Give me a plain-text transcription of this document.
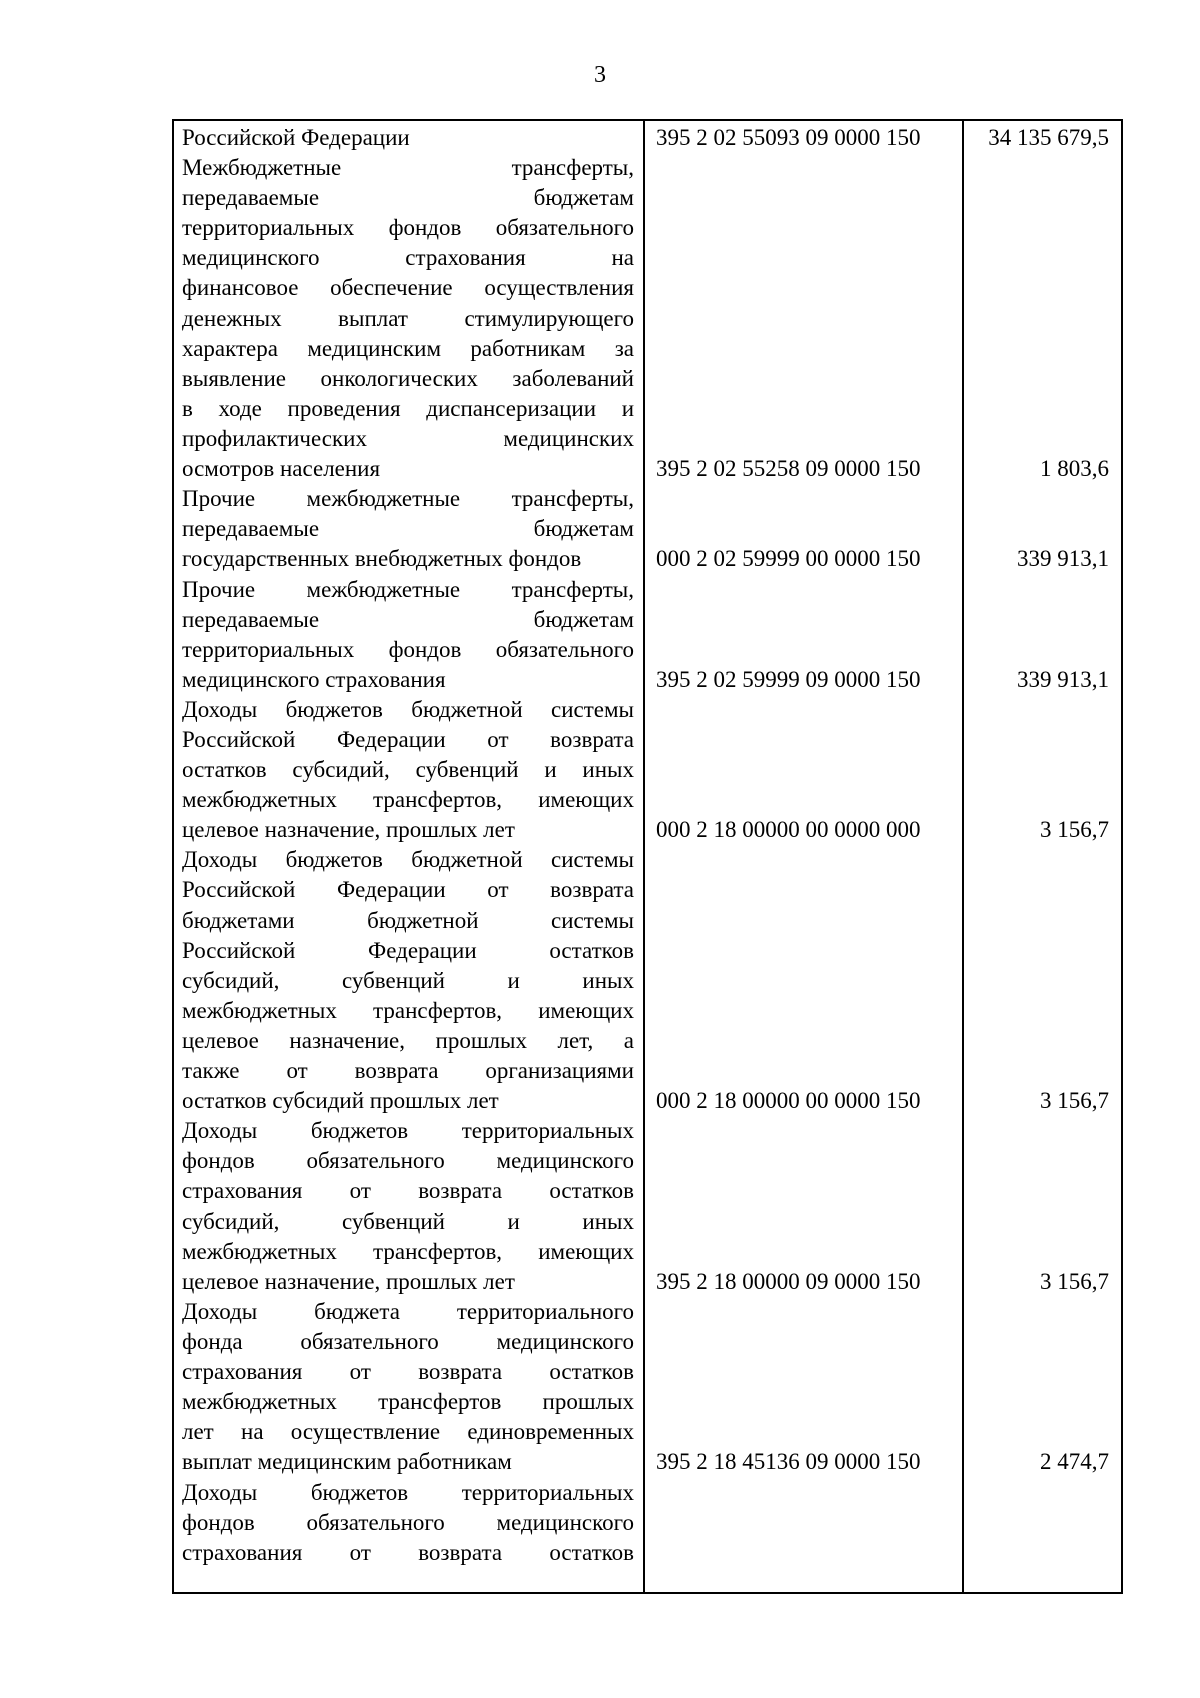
3
Российской Федерации	395 2 02 55093 09 0000 150	34 135 679,5
Межбюджетные трансферты,
передаваемые бюджетам
территориальных фондов обязательного
медицинского страхования на
финансовое обеспечение осуществления
денежных выплат стимулирующего
характера медицинским работникам за
выявление онкологических заболеваний
в ходе проведения диспансеризации и
профилактических медицинских
осмотров населения	395 2 02 55258 09 0000 150	1 803,6
Прочие межбюджетные трансферты,
передаваемые бюджетам
государственных внебюджетных фондов	000 2 02 59999 00 0000 150	339 913,1
Прочие межбюджетные трансферты,
передаваемые бюджетам
территориальных фондов обязательного
медицинского страхования	395 2 02 59999 09 0000 150	339 913,1
Доходы бюджетов бюджетной системы
Российской Федерации от возврата
остатков субсидий, субвенций и иных
межбюджетных трансфертов, имеющих
целевое назначение, прошлых лет	000 2 18 00000 00 0000 000	3 156,7
Доходы бюджетов бюджетной системы
Российской Федерации от возврата
бюджетами бюджетной системы
Российской Федерации остатков
субсидий, субвенций и иных
межбюджетных трансфертов, имеющих
целевое назначение, прошлых лет, а
также от возврата организациями
остатков субсидий прошлых лет	000 2 18 00000 00 0000 150	3 156,7
Доходы бюджетов территориальных
фондов обязательного медицинского
страхования от возврата остатков
субсидий, субвенций и иных
межбюджетных трансфертов, имеющих
целевое назначение, прошлых лет	395 2 18 00000 09 0000 150	3 156,7
Доходы бюджета территориального
фонда обязательного медицинского
страхования от возврата остатков
межбюджетных трансфертов прошлых
лет на осуществление единовременных
выплат медицинским работникам	395 2 18 45136 09 0000 150	2 474,7
Доходы бюджетов территориальных
фондов обязательного медицинского
страхования от возврата остатков
